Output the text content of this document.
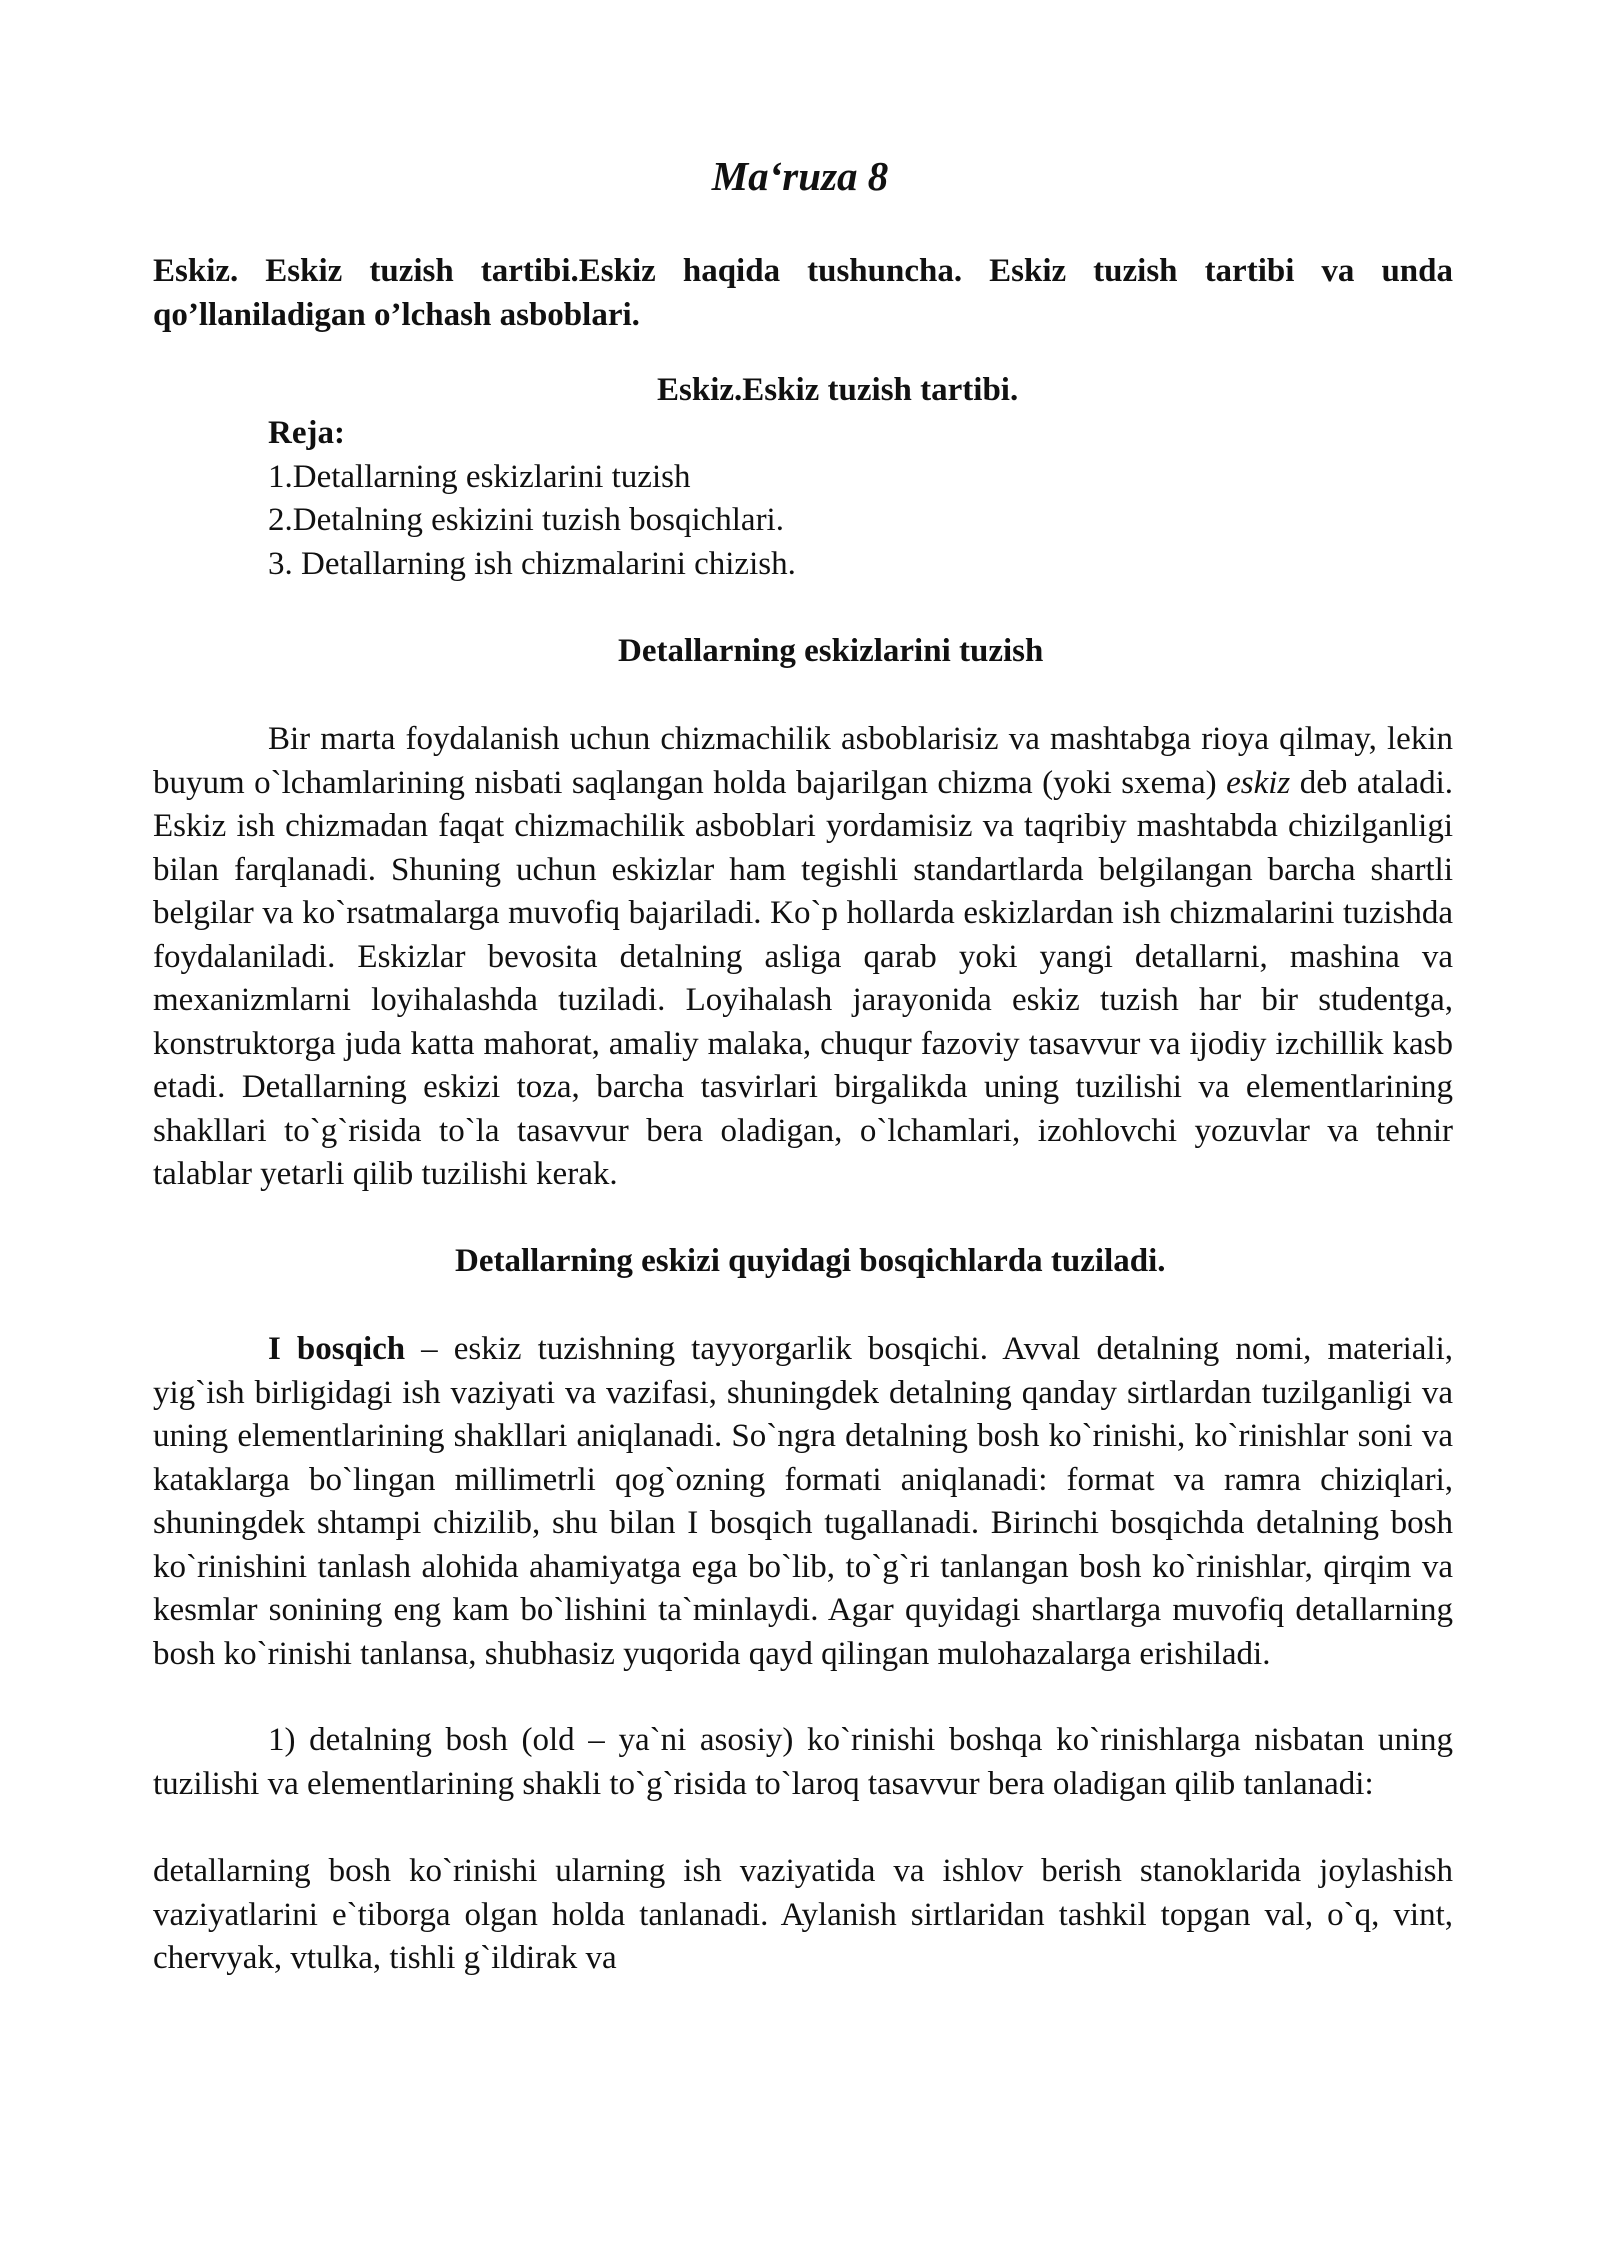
Ma‘ruza 8
Eskiz. Eskiz tuzish tartibi.Eskiz haqida tushuncha. Eskiz tuzish tartibi va unda qo’llaniladigan o’lchash asboblari.
Eskiz.Eskiz tuzish tartibi.
Reja:
1.Detallarning eskizlarini tuzish
2.Detalning eskizini tuzish bosqichlari.
3. Detallarning ish chizmalarini chizish.
Detallarning eskizlarini tuzish

Bir marta foydalanish uchun chizmachilik asboblarisiz va mashtabga rioya qilmay, lekin buyum o`lchamlarining nisbati saqlangan holda bajarilgan chizma (yoki sxema) eskiz deb ataladi. Eskiz ish chizmadan faqat chizmachilik asboblari yordamisiz va taqribiy mashtabda chizilganligi bilan farqlanadi. Shuning uchun eskizlar ham tegishli standartlarda belgilangan barcha shartli belgilar va ko`rsatmalarga muvofiq bajariladi. Ko`p hollarda eskizlardan ish chizmalarini tuzishda foydalaniladi. Eskizlar bevosita detalning asliga qarab yoki yangi detallarni, mashina va mexanizmlarni loyihalashda tuziladi. Loyihalash jarayonida eskiz tuzish har bir studentga, konstruktorga juda katta mahorat, amaliy malaka, chuqur fazoviy tasavvur va ijodiy izchillik kasb etadi. Detallarning eskizi toza, barcha tasvirlari birgalikda uning tuzilishi va elementlarining shakllari to`g`risida to`la tasavvur bera oladigan, o`lchamlari, izohlovchi yozuvlar va tehnir talablar yetarli qilib tuzilishi kerak.

Detallarning eskizi quyidagi bosqichlarda tuziladi.

I bosqich – eskiz tuzishning tayyorgarlik bosqichi. Avval detalning nomi, materiali, yig`ish birligidagi ish vaziyati va vazifasi, shuningdek detalning qanday sirtlardan tuzilganligi va uning elementlarining shakllari aniqlanadi. So`ngra detalning bosh ko`rinishi, ko`rinishlar soni va kataklarga bo`lingan millimetrli qog`ozning formati aniqlanadi: format va ramra chiziqlari, shuningdek shtampi chizilib, shu bilan I bosqich tugallanadi. Birinchi bosqichda detalning bosh ko`rinishini tanlash alohida ahamiyatga ega bo`lib, to`g`ri tanlangan bosh ko`rinishlar, qirqim va kesmlar sonining eng kam bo`lishini ta`minlaydi. Agar quyidagi shartlarga muvofiq detallarning bosh ko`rinishi tanlansa, shubhasiz yuqorida qayd qilingan mulohazalarga erishiladi.

1) detalning bosh (old – ya`ni asosiy) ko`rinishi boshqa ko`rinishlarga nisbatan uning tuzilishi va elementlarining shakli to`g`risida to`laroq tasavvur bera oladigan qilib tanlanadi:

detallarning bosh ko`rinishi ularning ish vaziyatida va ishlov berish stanoklarida joylashish vaziyatlarini e`tiborga olgan holda tanlanadi. Aylanish sirtlaridan tashkil topgan val, o`q, vint, chervyak, vtulka, tishli g`ildirak va
